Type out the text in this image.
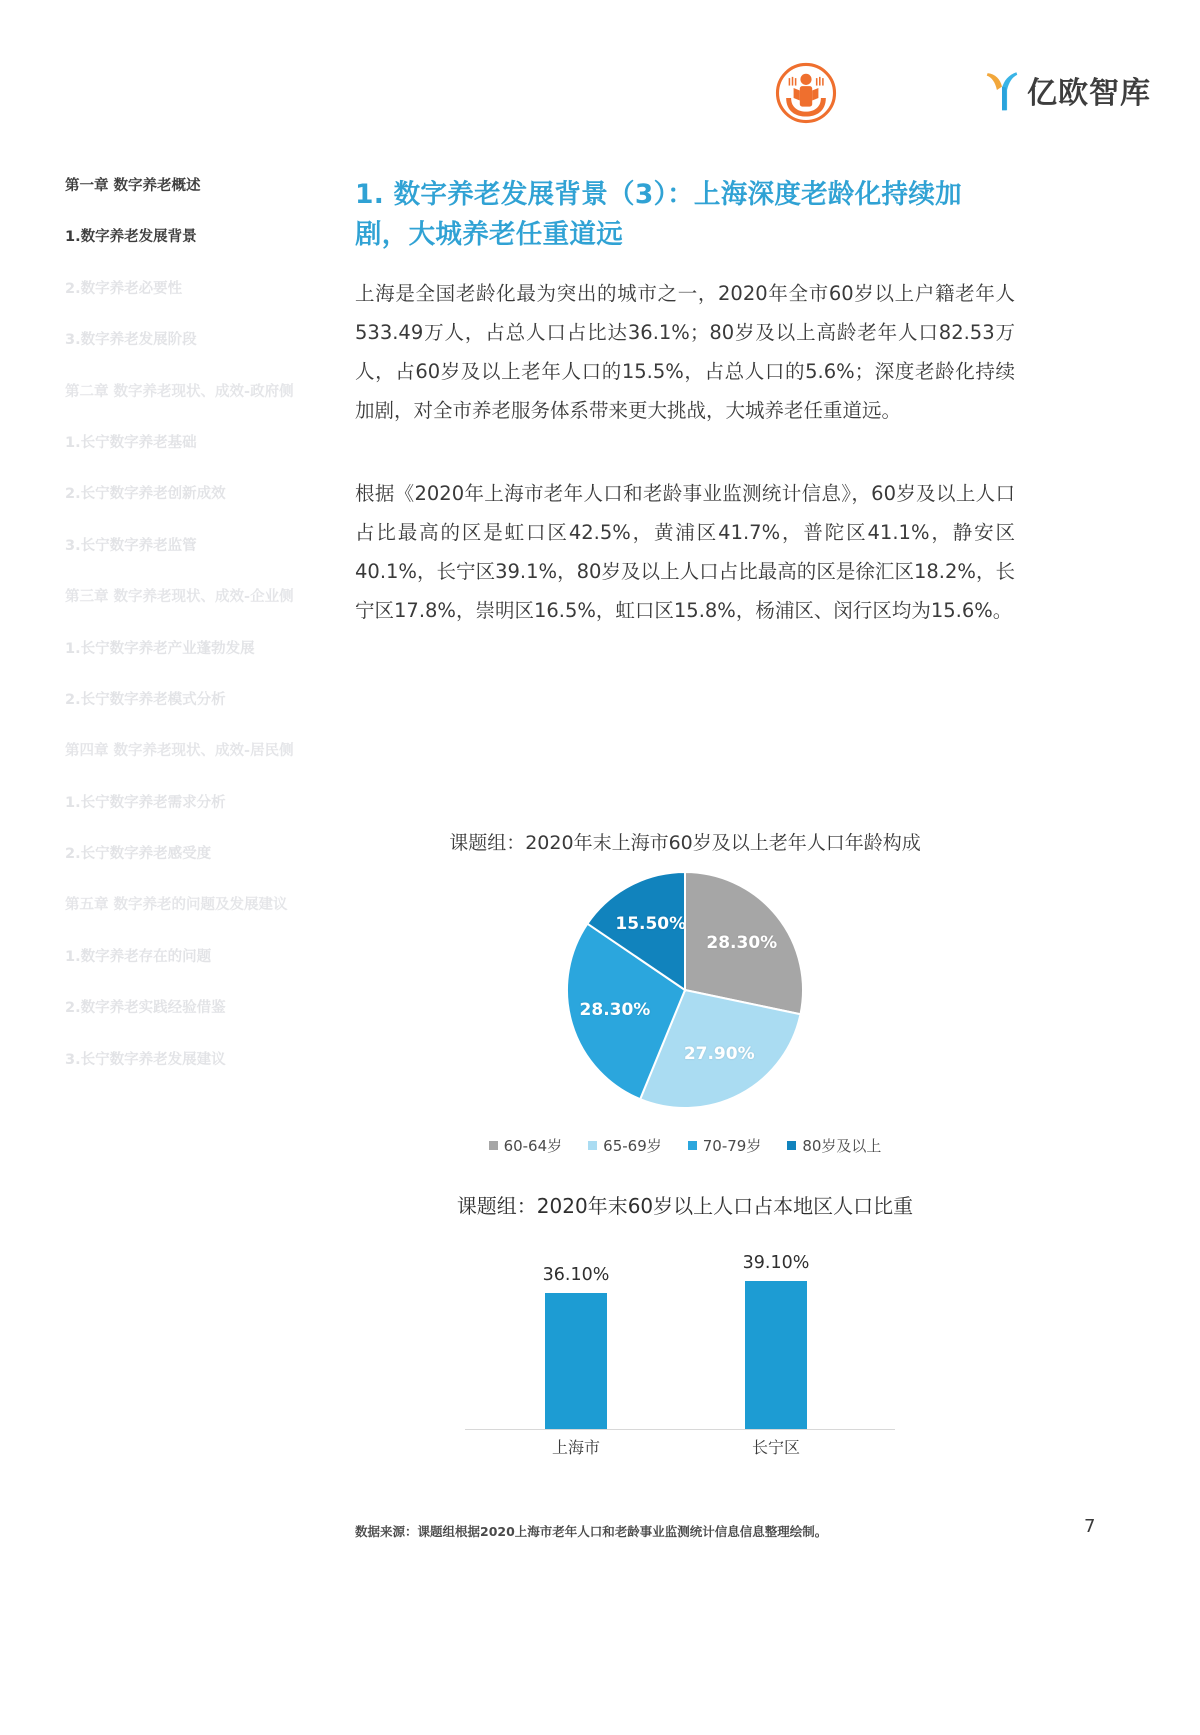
亿欧智库
第一章 数字养老概述
1.数字养老发展背景
2.数字养老必要性
3.数字养老发展阶段
第二章 数字养老现状、成效-政府侧
1.长宁数字养老基础
2.长宁数字养老创新成效
3.长宁数字养老监管
第三章 数字养老现状、成效-企业侧
1.长宁数字养老产业蓬勃发展
2.长宁数字养老模式分析
第四章 数字养老现状、成效-居民侧
1.长宁数字养老需求分析
2.长宁数字养老感受度
第五章 数字养老的问题及发展建议
1.数字养老存在的问题
2.数字养老实践经验借鉴
3.长宁数字养老发展建议
1. 数字养老发展背景（3）：上海深度老龄化持续加剧，大城养老任重道远

上海是全国老龄化最为突出的城市之一，2020年全市60岁以上户籍老年人533.49万人，占总人口占比达36.1%；80岁及以上高龄老年人口82.53万人，占60岁及以上老年人口的15.5%，占总人口的5.6%；深度老龄化持续加剧，对全市养老服务体系带来更大挑战，大城养老任重道远。

根据《2020年上海市老年人口和老龄事业监测统计信息》，60岁及以上人口占比最高的区是虹口区42.5%，黄浦区41.7%，普陀区41.1%，静安区40.1%，长宁区39.1%，80岁及以上人口占比最高的区是徐汇区18.2%，长宁区17.8%，崇明区16.5%，虹口区15.8%，杨浦区、闵行区均为15.6%。

课题组：2020年末上海市60岁及以上老年人口年龄构成
28.30%
27.90%
28.30%
15.50%
60-64岁	65-69岁	70-79岁	80岁及以上
课题组：2020年末60岁以上人口占本地区人口比重
36.10%
39.10%
上海市	长宁区
数据来源：课题组根据2020上海市老年人口和老龄事业监测统计信息信息整理绘制。	7
